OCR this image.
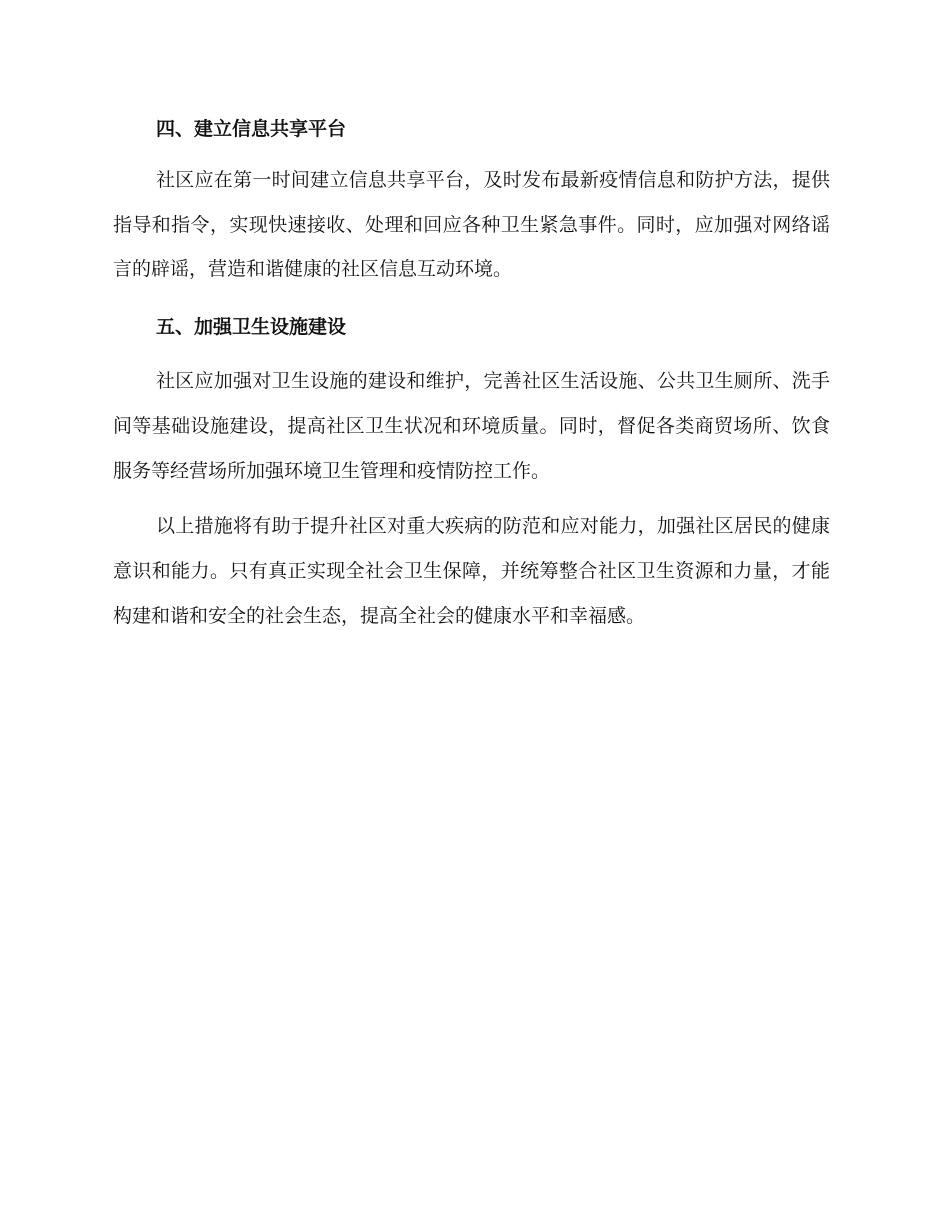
四、建立信息共享平台

社区应在第一时间建立信息共享平台，及时发布最新疫情信息和防护方法，提供指导和指令，实现快速接收、处理和回应各种卫生紧急事件。同时，应加强对网络谣言的辟谣，营造和谐健康的社区信息互动环境。

五、加强卫生设施建设

社区应加强对卫生设施的建设和维护，完善社区生活设施、公共卫生厕所、洗手间等基础设施建设，提高社区卫生状况和环境质量。同时，督促各类商贸场所、饮食服务等经营场所加强环境卫生管理和疫情防控工作。

以上措施将有助于提升社区对重大疾病的防范和应对能力，加强社区居民的健康意识和能力。只有真正实现全社会卫生保障，并统筹整合社区卫生资源和力量，才能构建和谐和安全的社会生态，提高全社会的健康水平和幸福感。
